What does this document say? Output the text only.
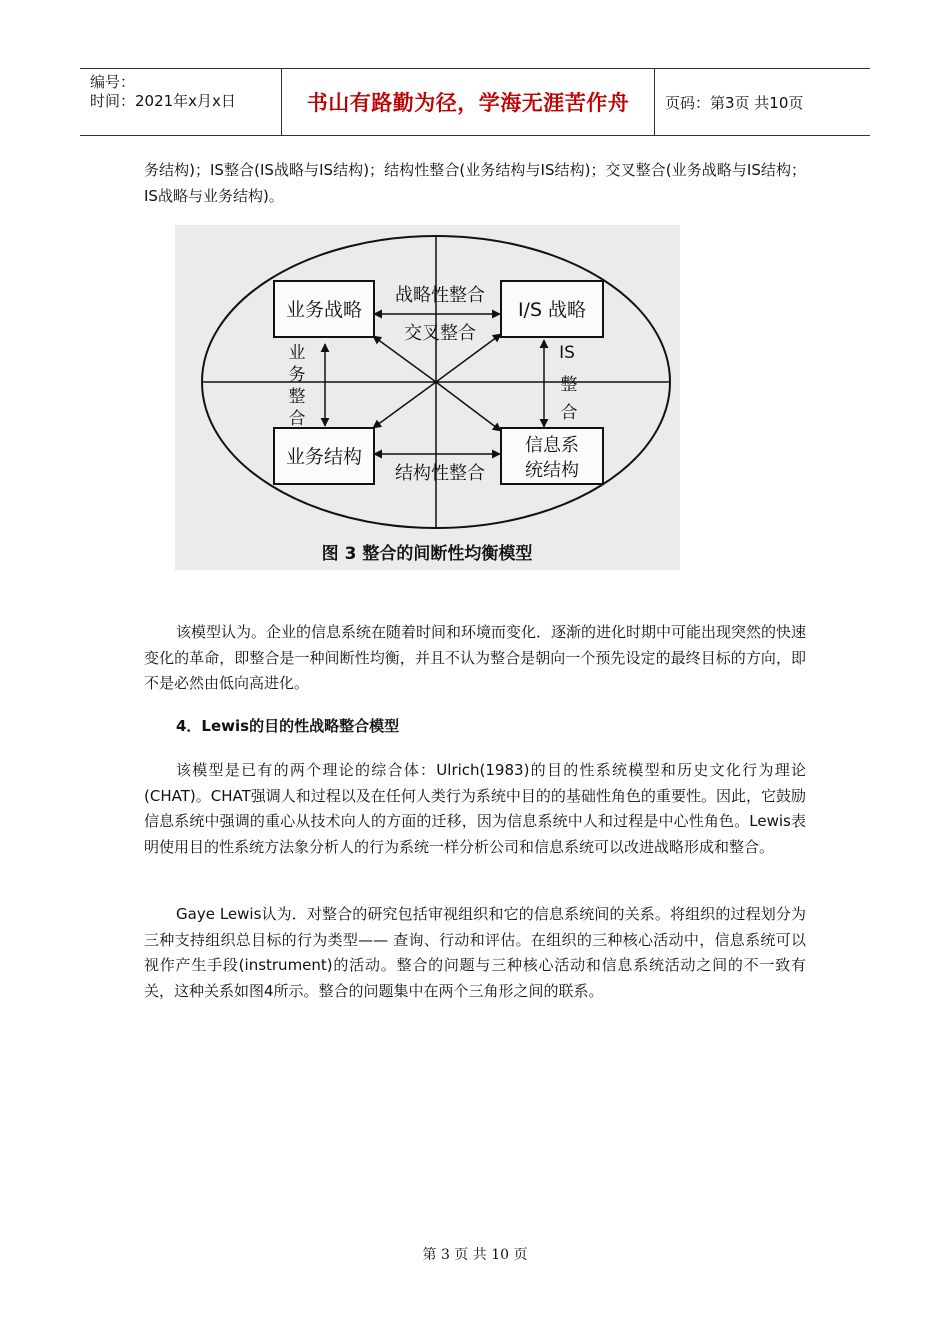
编号：
时间：2021年x月x日	书山有路勤为径，学海无涯苦作舟 页码：第3页 共10页

务结构)；IS整合(IS战略与IS结构)；结构性整合(业务结构与IS结构)；交叉整合(业务战略与IS结构；IS战略与业务结构)。

业务战略	I/S 战略
业务结构
信息系
统结构
战略性整合
交叉整合
结构性整合
业
务
整
合
IS
整
合
图 3 整合的间断性均衡模型

该模型认为。企业的信息系统在随着时间和环境而变化．逐渐的进化时期中可能出现突然的快速变化的革命，即整合是一种间断性均衡，并且不认为整合是朝向一个预先设定的最终目标的方向，即不是必然由低向高进化。

4．Lewis的目的性战略整合模型

该模型是已有的两个理论的综合体：Ulrich(1983)的目的性系统模型和历史文化行为理论(CHAT)。CHAT强调人和过程以及在任何人类行为系统中目的的基础性角色的重要性。因此，它鼓励信息系统中强调的重心从技术向人的方面的迁移，因为信息系统中人和过程是中心性角色。Lewis表明使用目的性系统方法象分析人的行为系统一样分析公司和信息系统可以改进战略形成和整合。

Gaye Lewis认为．对整合的研究包括审视组织和它的信息系统间的关系。将组织的过程划分为三种支持组织总目标的行为类型—— 查询、行动和评估。在组织的三种核心活动中，信息系统可以视作产生手段(instrument)的活动。整合的问题与三种核心活动和信息系统活动之间的不一致有关，这种关系如图4所示。整合的问题集中在两个三角形之间的联系。

第 3 页 共 10 页
